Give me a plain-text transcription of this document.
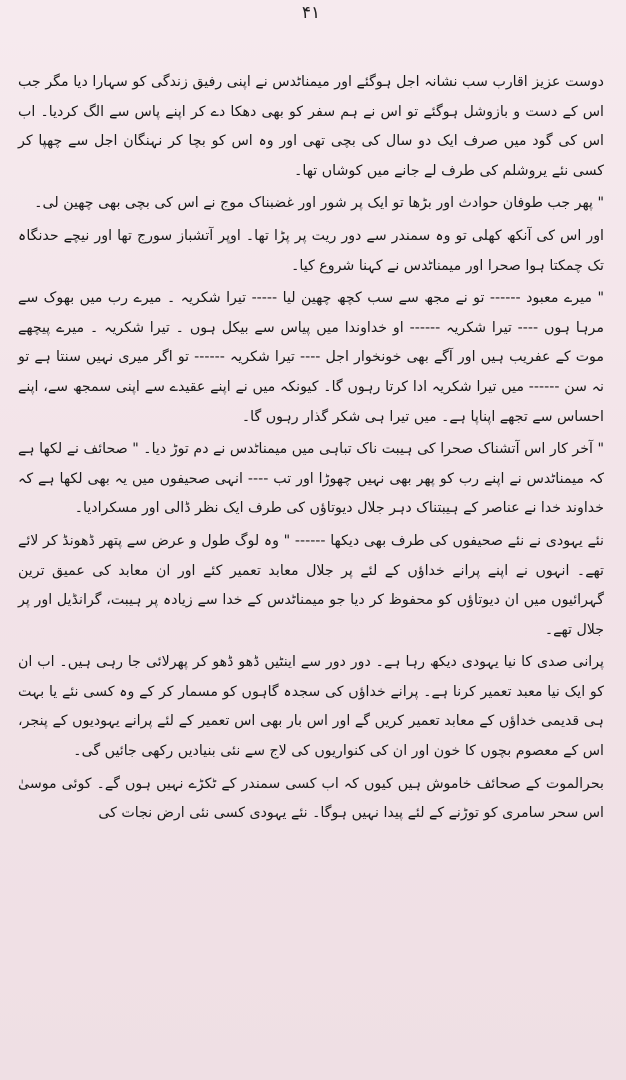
۴۱

دوست عزیز اقارب سب نشانہ اجل ہوگئے اور میمناٹدس نے اپنی رفیق زندگی کو سہارا دیا مگر جب اس کے دست و بازوشل ہوگئے تو اس نے ہم سفر کو بھی دھکا دے کر اپنے پاس سے الگ کردیا۔ اب اس کی گود میں صرف ایک دو سال کی بچی تھی اور وہ اس کو بچا کر نہنگان اجل سے چھپا کر کسی نئے یروشلم کی طرف لے جانے میں کوشاں تھا۔

" پھر جب طوفان حوادث اور بڑھا تو ایک پر شور اور غضبناک موج نے اس کی بچی بھی چھین لی۔

اور اس کی آنکھ کھلی تو وہ سمندر سے دور ریت پر پڑا تھا۔ اوپر آتشباز سورج تھا اور نیچے حدنگاہ تک چمکتا ہوا صحرا اور میمناٹدس نے کہنا شروع کیا۔

" میرے معبود ------ تو نے مجھ سے سب کچھ چھین لیا ----- تیرا شکریہ ۔ میرے رب میں بھوک سے مرہا ہوں ---- تیرا شکریہ ------ او خداوندا میں پیاس سے بیکل ہوں ۔ تیرا شکریہ ۔ میرے پیچھے موت کے عفریب ہیں اور آگے بھی خونخوار اجل ---- تیرا شکریہ ------ تو اگر میری نہیں سنتا ہے تو نہ سن ------ میں تیرا شکریہ ادا کرتا رہوں گا۔ کیونکہ میں نے اپنے عقیدے سے اپنی سمجھ سے، اپنے احساس سے تجھے اپناپا ہے۔ میں تیرا ہی شکر گذار رہوں گا۔

" آخر کار اس آتشناک صحرا کی ہیبت ناک تباہی میں میمناٹدس نے دم توڑ دیا۔ " صحائف نے لکھا ہے کہ میمناٹدس نے اپنے رب کو پھر بھی نہیں چھوڑا اور تب ---- انہی صحیفوں میں یہ بھی لکھا ہے کہ خداوند خدا نے عناصر کے ہیبتناک دہر جلال دیوتاؤں کی طرف ایک نظر ڈالی اور مسکرادیا۔

نئے یہودی نے نئے صحیفوں کی طرف بھی دیکھا ------ " وہ لوگ طول و عرض سے پتھر ڈھونڈ کر لائے تھے۔ انہوں نے اپنے پرانے خداؤں کے لئے پر جلال معابد تعمیر کئے اور ان معابد کی عمیق ترین گہرائیوں میں ان دیوتاؤں کو محفوظ کر دیا جو میمناٹدس کے خدا سے زیادہ پر ہیبت، گرانڈیل اور پر جلال تھے۔

پرانی صدی کا نیا یہودی دیکھ رہا ہے۔ دور دور سے اینٹیں ڈھو ڈھو کر پھرلائی جا رہی ہیں۔ اب ان کو ایک نیا معبد تعمیر کرنا ہے۔ پرانے خداؤں کی سجدہ گاہوں کو مسمار کر کے وہ کسی نئے یا بہت ہی قدیمی خداؤں کے معابد تعمیر کریں گے اور اس بار بھی اس تعمیر کے لئے پرانے یہودیوں کے پنجر، اس کے معصوم بچوں کا خون اور ان کی کنواریوں کی لاج سے نئی بنیادیں رکھی جائیں گی۔

بحرالموت کے صحائف خاموش ہیں کیوں کہ اب کسی سمندر کے ٹکڑے نہیں ہوں گے۔ کوئی موسیٰ اس سحر سامری کو توڑنے کے لئے پیدا نہیں ہوگا۔ نئے یہودی کسی نئی ارض نجات کی
